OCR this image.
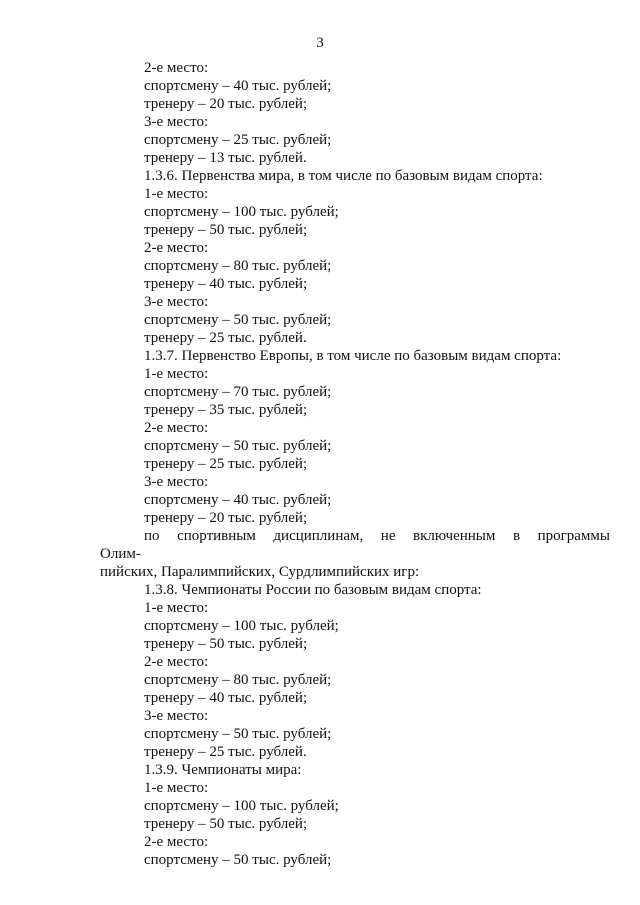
3
2-е место:
спортсмену – 40 тыс. рублей;
тренеру – 20 тыс. рублей;
3-е место:
спортсмену – 25 тыс. рублей;
тренеру – 13 тыс. рублей.
1.3.6. Первенства мира, в том числе по базовым видам спорта:
1-е место:
спортсмену – 100 тыс. рублей;
тренеру – 50 тыс. рублей;
2-е место:
спортсмену – 80 тыс. рублей;
тренеру – 40 тыс. рублей;
3-е место:
спортсмену – 50 тыс. рублей;
тренеру – 25 тыс. рублей.
1.3.7. Первенство Европы, в том числе по базовым видам спорта:
1-е место:
спортсмену – 70 тыс. рублей;
тренеру – 35 тыс. рублей;
2-е место:
спортсмену – 50 тыс. рублей;
тренеру – 25 тыс. рублей;
3-е место:
спортсмену – 40 тыс. рублей;
тренеру – 20 тыс. рублей;
по спортивным дисциплинам, не включенным в программы Олим-
пийских, Паралимпийских, Сурдлимпийских игр:
1.3.8. Чемпионаты России по базовым видам спорта:
1-е место:
спортсмену – 100 тыс. рублей;
тренеру – 50 тыс. рублей;
2-е место:
спортсмену – 80 тыс. рублей;
тренеру – 40 тыс. рублей;
3-е место:
спортсмену – 50 тыс. рублей;
тренеру – 25 тыс. рублей.
1.3.9. Чемпионаты мира:
1-е место:
спортсмену – 100 тыс. рублей;
тренеру – 50 тыс. рублей;
2-е место:
спортсмену – 50 тыс. рублей;
